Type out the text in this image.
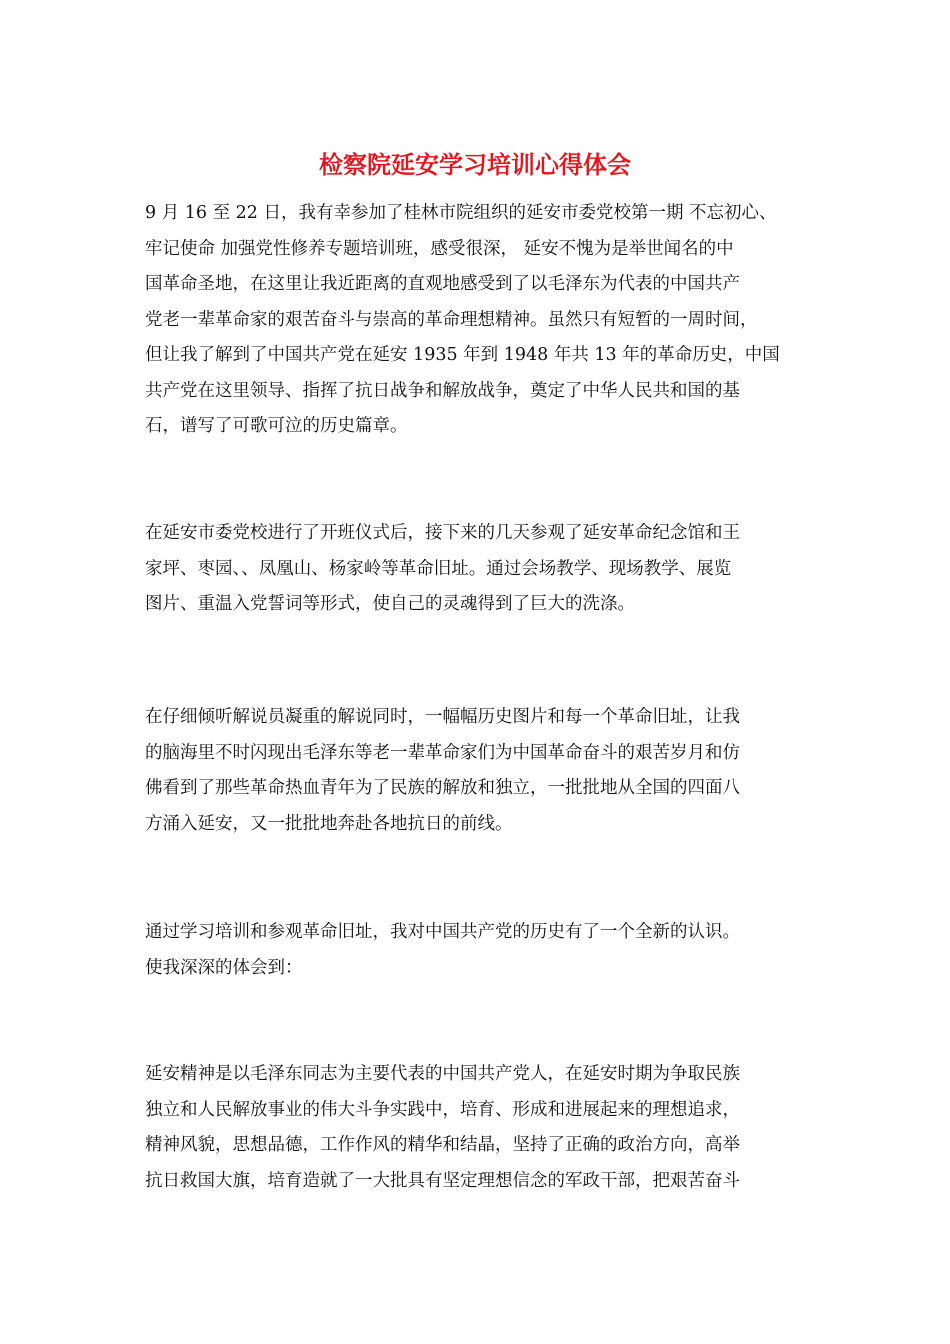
检察院延安学习培训心得体会

9 月 16 至 22 日，我有幸参加了桂林市院组织的延安市委党校第一期 不忘初心、
牢记使命 加强党性修养专题培训班，感受很深， 延安不愧为是举世闻名的中
国革命圣地，在这里让我近距离的直观地感受到了以毛泽东为代表的中国共产
党老一辈革命家的艰苦奋斗与崇高的革命理想精神。虽然只有短暂的一周时间，
但让我了解到了中国共产党在延安 1935 年到 1948 年共 13 年的革命历史，中国
共产党在这里领导、指挥了抗日战争和解放战争，奠定了中华人民共和国的基
石，谱写了可歌可泣的历史篇章。

在延安市委党校进行了开班仪式后，接下来的几天参观了延安革命纪念馆和王
家坪、枣园、、凤凰山、杨家岭等革命旧址。通过会场教学、现场教学、展览
图片、重温入党誓词等形式，使自己的灵魂得到了巨大的洗涤。

在仔细倾听解说员凝重的解说同时，一幅幅历史图片和每一个革命旧址，让我
的脑海里不时闪现出毛泽东等老一辈革命家们为中国革命奋斗的艰苦岁月和仿
佛看到了那些革命热血青年为了民族的解放和独立，一批批地从全国的四面八
方涌入延安，又一批批地奔赴各地抗日的前线。

通过学习培训和参观革命旧址，我对中国共产党的历史有了一个全新的认识。
使我深深的体会到：

延安精神是以毛泽东同志为主要代表的中国共产党人，在延安时期为争取民族
独立和人民解放事业的伟大斗争实践中，培育、形成和进展起来的理想追求，
精神风貌，思想品德，工作作风的精华和结晶，坚持了正确的政治方向，高举
抗日救国大旗，培育造就了一大批具有坚定理想信念的军政干部，把艰苦奋斗
